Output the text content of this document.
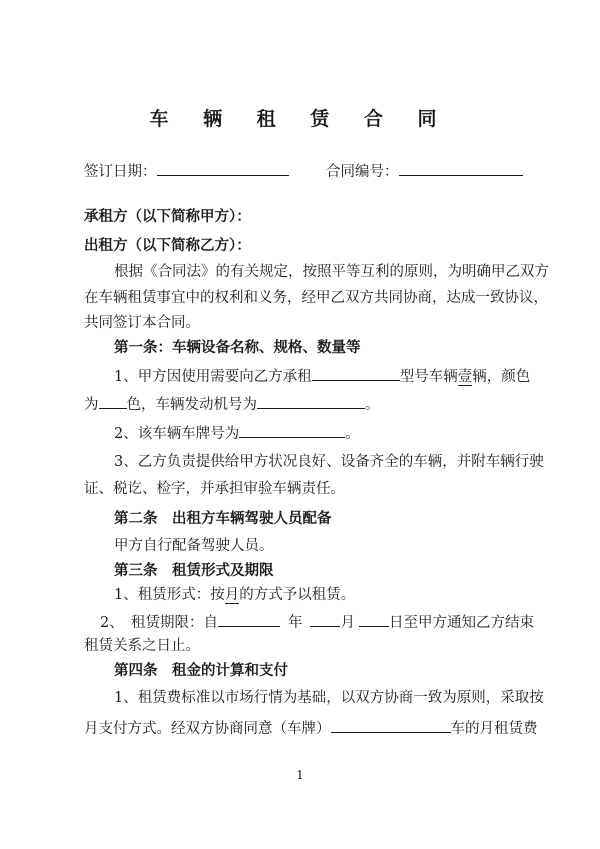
车 辆 租 赁 合 同
签订日期：	合同编号：
承租方（以下简称甲方）：
出租方（以下简称乙方）：
根据《合同法》的有关规定，按照平等互利的原则，为明确甲乙双方
在车辆租赁事宜中的权利和义务，经甲乙双方共同协商，达成一致协议，
共同签订本合同。
第一条：车辆设备名称、规格、数量等
1、甲方因使用需要向乙方承租	型号车辆壹辆，颜色
为 色，车辆发动机号为	。
2、该车辆车牌号为	。
3、乙方负责提供给甲方状况良好、设备齐全的车辆，并附车辆行驶
证、税讫、检字，并承担审验车辆责任。
第二条　出租方车辆驾驶人员配备
甲方自行配备驾驶人员。
第三条　租赁形式及期限
1、租赁形式：按月的方式予以租赁。
2、　租赁期限：自	年	月 日至甲方通知乙方结束
租赁关系之日止。
第四条　租金的计算和支付
1、租赁费标准以市场行情为基础，以双方协商一致为原则，采取按
月支付方式。经双方协商同意（车牌）	车的月租赁费
1
